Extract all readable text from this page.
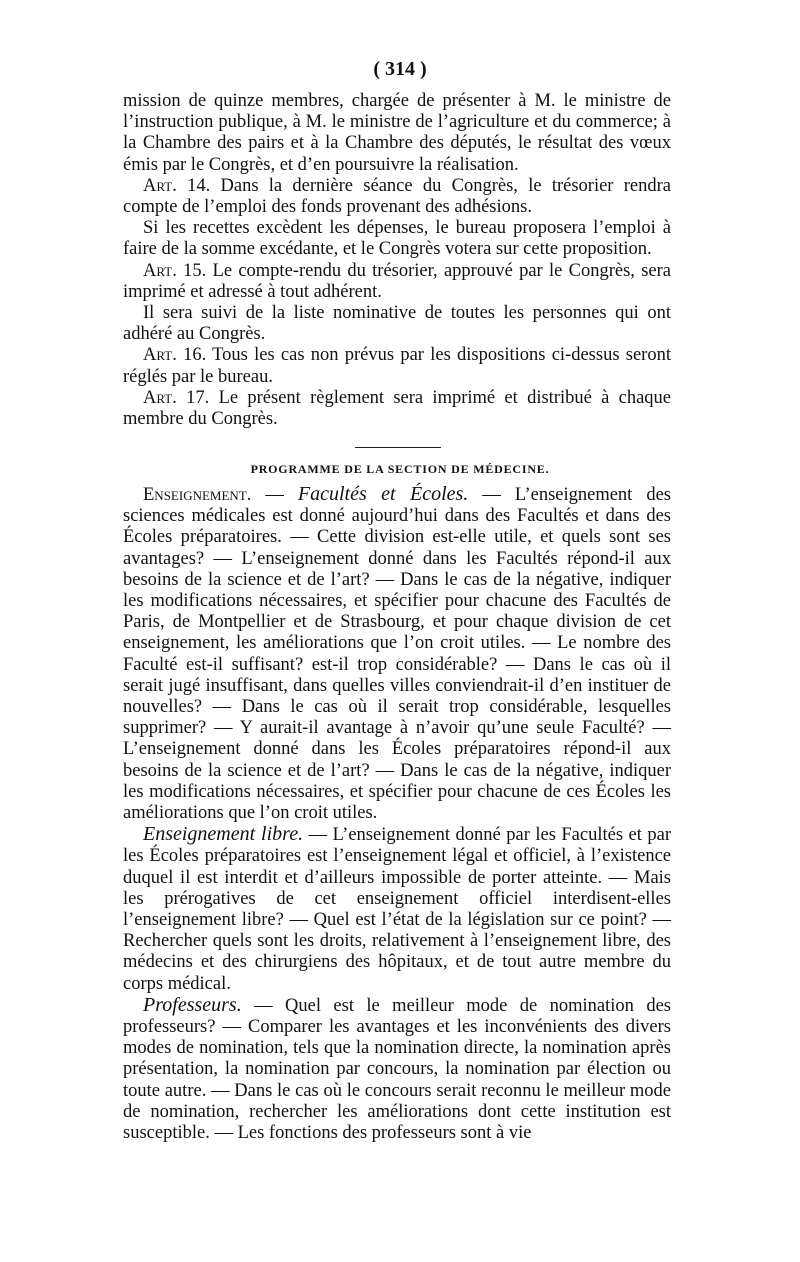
( 314 )

mission de quinze membres, chargée de présenter à M. le ministre de l’instruction publique, à M. le ministre de l’agriculture et du commerce; à la Chambre des pairs et à la Chambre des députés, le résultat des vœux émis par le Congrès, et d’en poursuivre la réalisation.

Art. 14. Dans la dernière séance du Congrès, le trésorier rendra compte de l’emploi des fonds provenant des adhésions.

Si les recettes excèdent les dépenses, le bureau proposera l’emploi à faire de la somme excédante, et le Congrès votera sur cette proposition.

Art. 15. Le compte-rendu du trésorier, approuvé par le Congrès, sera imprimé et adressé à tout adhérent.

Il sera suivi de la liste nominative de toutes les personnes qui ont adhéré au Congrès.

Art. 16. Tous les cas non prévus par les dispositions ci-dessus seront réglés par le bureau.

Art. 17. Le présent règlement sera imprimé et distribué à chaque membre du Congrès.

PROGRAMME DE LA SECTION DE MÉDECINE.

Enseignement. — Facultés et Écoles. — L’enseignement des sciences médicales est donné aujourd’hui dans des Facultés et dans des Écoles préparatoires. — Cette division est-elle utile, et quels sont ses avantages? — L’enseignement donné dans les Facultés répond-il aux besoins de la science et de l’art? — Dans le cas de la négative, indiquer les modifications nécessaires, et spécifier pour chacune des Facultés de Paris, de Montpellier et de Strasbourg, et pour chaque division de cet enseignement, les améliorations que l’on croit utiles. — Le nombre des Faculté est-il suffisant? est-il trop considérable? — Dans le cas où il serait jugé insuffisant, dans quelles villes conviendrait-il d’en instituer de nouvelles? — Dans le cas où il serait trop considérable, lesquelles supprimer? — Y aurait-il avantage à n’avoir qu’une seule Faculté? — L’enseignement donné dans les Écoles préparatoires répond-il aux besoins de la science et de l’art? — Dans le cas de la négative, indiquer les modifications nécessaires, et spécifier pour chacune de ces Écoles les améliorations que l’on croit utiles.

Enseignement libre. — L’enseignement donné par les Facultés et par les Écoles préparatoires est l’enseignement légal et officiel, à l’existence duquel il est interdit et d’ailleurs impossible de porter atteinte. — Mais les prérogatives de cet enseignement officiel interdisent-elles l’enseignement libre? — Quel est l’état de la législation sur ce point? —Rechercher quels sont les droits, relativement à l’enseignement libre, des médecins et des chirurgiens des hôpitaux, et de tout autre membre du corps médical.

Professeurs. — Quel est le meilleur mode de nomination des professeurs? — Comparer les avantages et les inconvénients des divers modes de nomination, tels que la nomination directe, la nomination après présentation, la nomination par concours, la nomination par élection ou toute autre. — Dans le cas où le concours serait reconnu le meilleur mode de nomination, rechercher les améliorations dont cette institution est susceptible. — Les fonctions des professeurs sont à vie
